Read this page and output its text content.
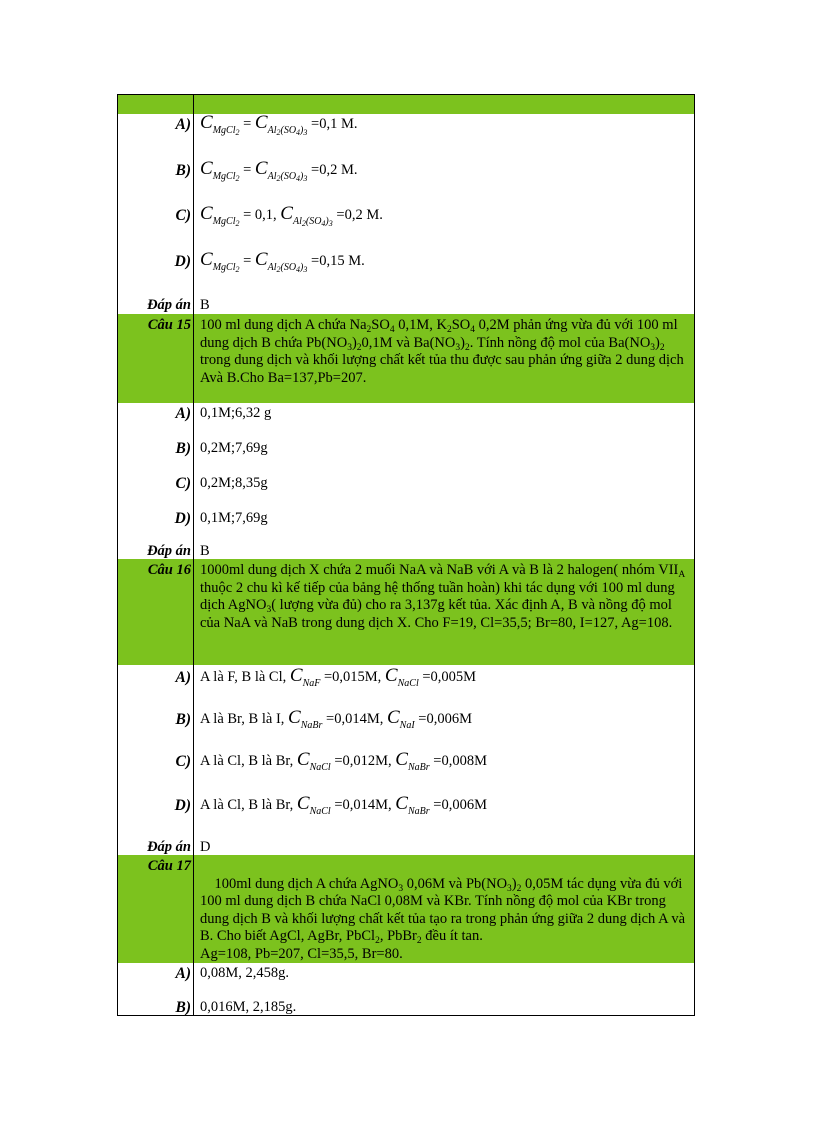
A) $C_{MgCl_2} = C_{Al_2(SO_4)_3} =0,1$ M.
B) $C_{MgCl_2} = C_{Al_2(SO_4)_3} =0,2$ M.
C) $C_{MgCl_2} = 0,1$, $C_{Al_2(SO_4)_3} =0,2$ M.
D) $C_{MgCl_2} = C_{Al_2(SO_4)_3} =0,15$ M.
Đáp án B
Câu 15 100 ml dung dịch A chứa $Na_2SO_4$ 0,1M, $K_2SO_4$ 0,2M phản ứng vừa đủ với 100 ml dung dịch B chứa $Pb(NO_3)_20,1M$ và $Ba(NO_3)_2$. Tính nồng độ mol của $Ba(NO_3)_2$ trong dung dịch và khối lượng chất kết tủa thu được sau phản ứng giữa 2 dung dịch Avà B.Cho Ba=137,Pb=207.
A) 0,1M;6,32 g
B) 0,2M;7,69g
C) 0,2M;8,35g
D) 0,1M;7,69g
Đáp án B
Câu 16 1000ml dung dịch X chứa 2 muối NaA và NaB với A và B là 2 halogen( nhóm $VII_A$ thuộc 2 chu kì kế tiếp của bảng hệ thống tuần hoàn) khi tác dụng với 100 ml dung dịch AgNO$_3$( lượng vừa đủ) cho ra 3,137g kết tủa. Xác định A, B và nồng độ mol của NaA và NaB trong dung dịch X. Cho F=19, Cl=35,5; Br=80, I=127, Ag=108.
A) A là F, B là Cl, $C_{NaF} =0,015M$, $C_{NaCl} =0,005M$
B) A là Br, B là I, $C_{NaBr} =0,014M$, $C_{NaI} =0,006M$
C) A là Cl, B là Br, $C_{NaCl} =0,012M$, $C_{NaBr} =0,008M$
D) A là Cl, B là Br, $C_{NaCl} =0,014M$, $C_{NaBr} =0,006M$
Đáp án D
Câu 17

100ml dung dịch A chứa AgNO$_3$ 0,06M và $Pb(NO_3)_2$ 0,05M tác dụng vừa đủ với 100 ml dung dịch B chứa NaCl 0,08M và KBr. Tính nồng độ mol của KBr trong dung dịch B và khối lượng chất kết tủa tạo ra trong phản ứng giữa 2 dung dịch A và B. Cho biết AgCl, AgBr, PbCl$_2$, PbBr$_2$ đều ít tan.
Ag=108, Pb=207, Cl=35,5, Br=80.

A) 0,08M, 2,458g.
B) 0,016M, 2,185g.
